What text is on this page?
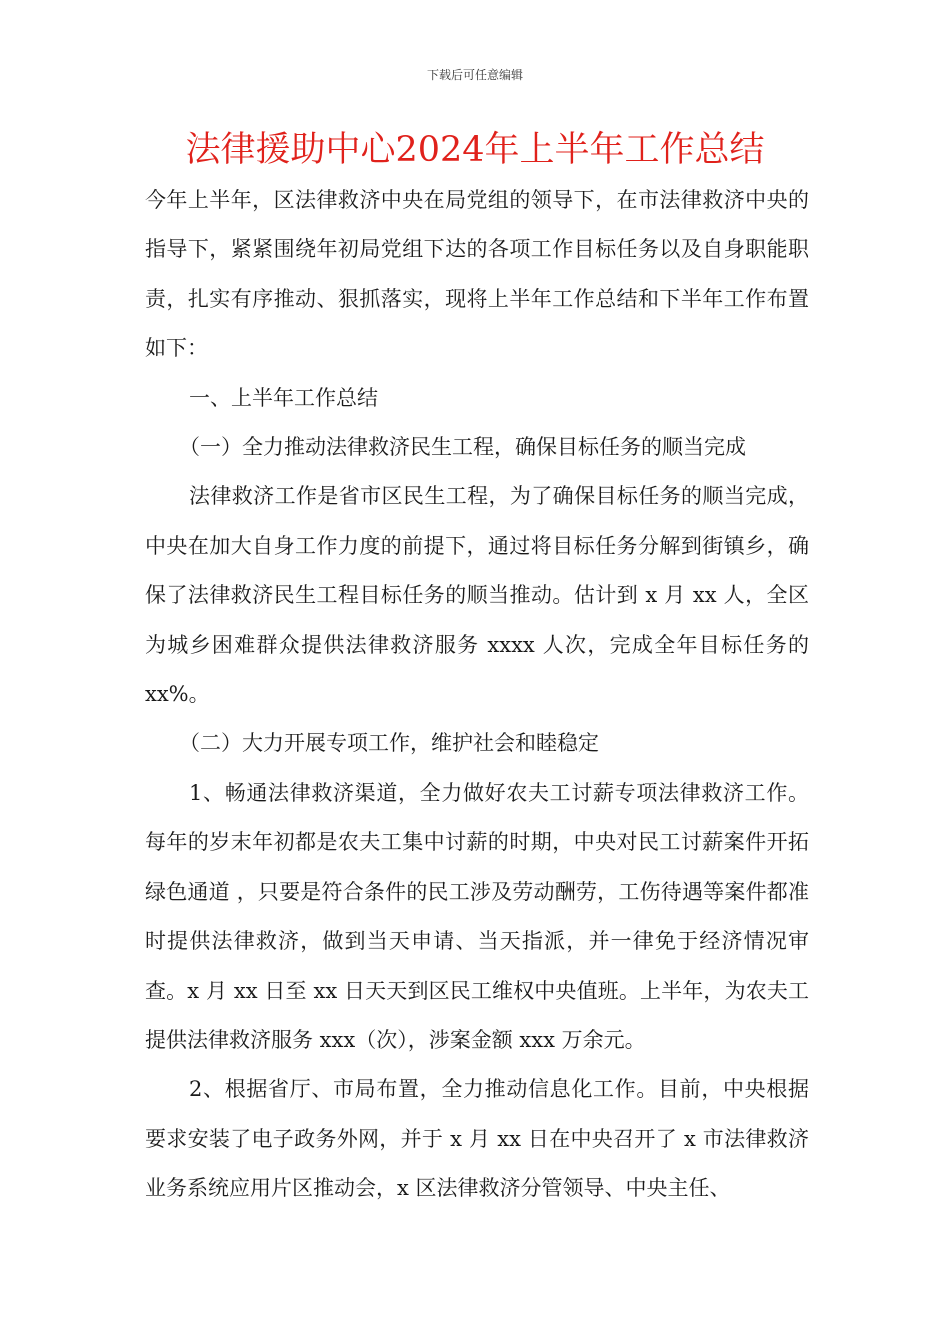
下载后可任意编辑
法律援助中心2024年上半年工作总结

今年上半年，区法律救济中央在局党组的领导下，在市法律救济中央的指导下，紧紧围绕年初局党组下达的各项工作目标任务以及自身职能职责，扎实有序推动、狠抓落实，现将上半年工作总结和下半年工作布置如下：

一、上半年工作总结

（一）全力推动法律救济民生工程，确保目标任务的顺当完成

法律救济工作是省市区民生工程，为了确保目标任务的顺当完成，中央在加大自身工作力度的前提下，通过将目标任务分解到街镇乡，确保了法律救济民生工程目标任务的顺当推动。估计到 x 月 xx 人，全区为城乡困难群众提供法律救济服务 xxxx 人次，完成全年目标任务的 xx%。

（二）大力开展专项工作，维护社会和睦稳定

1、畅通法律救济渠道，全力做好农夫工讨薪专项法律救济工作。每年的岁末年初都是农夫工集中讨薪的时期，中央对民工讨薪案件开拓 绿色通道 ，只要是符合条件的民工涉及劳动酬劳，工伤待遇等案件都准时提供法律救济，做到当天申请、当天指派，并一律免于经济情况审查。x 月 xx 日至 xx 日天天到区民工维权中央值班。上半年，为农夫工提供法律救济服务 xxx（次），涉案金额 xxx 万余元。

2、根据省厅、市局布置，全力推动信息化工作。目前，中央根据要求安装了电子政务外网，并于 x 月 xx 日在中央召开了 x 市法律救济业务系统应用片区推动会，x 区法律救济分管领导、中央主任、
